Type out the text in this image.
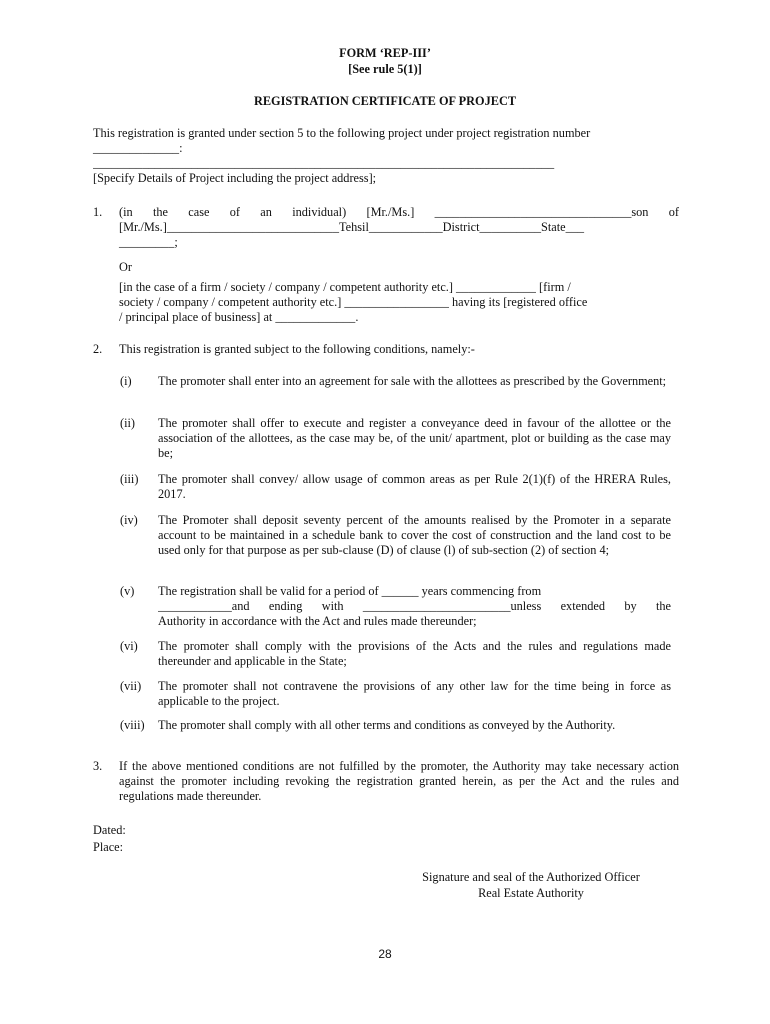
FORM ‘REP-III’
[See rule 5(1)]
REGISTRATION CERTIFICATE OF PROJECT
This registration is granted under section 5 to the following project under project registration number
______________:
___________________________________________________________________________
[Specify Details of Project including the project address];
1.	(in the case of an individual) [Mr./Ms.] ________________________________son of
[Mr./Ms.]____________________________Tehsil____________District__________State___
_________;
Or
[in the case of a firm / society / company / competent authority etc.] _____________ [firm /
society / company / competent authority etc.] _________________ having its [registered office
/ principal place of business] at _____________.
2.	This registration is granted subject to the following conditions, namely:-
(i)	The promoter shall enter into an agreement for sale with the allottees as prescribed by the Government;
(ii)	The promoter shall offer to execute and register a conveyance deed in favour of the allottee or the association of the allottees, as the case may be, of the unit/ apartment, plot or building as the case may be;
(iii)	The promoter shall convey/ allow usage of common areas as per Rule 2(1)(f) of the HRERA Rules, 2017.
(iv)	The Promoter shall deposit seventy percent of the amounts realised by the Promoter in a separate account to be maintained in a schedule bank to cover the cost of construction and the land cost to be used only for that purpose as per sub-clause (D) of clause (l) of sub-section (2) of section 4;
(v)	The registration shall be valid for a period of ______ years commencing from
____________and ending with ________________________unless extended by the
Authority in accordance with the Act and rules made thereunder;
(vi)	The promoter shall comply with the provisions of the Acts and the rules and regulations made thereunder and applicable in the State;
(vii)	The promoter shall not contravene the provisions of any other law for the time being in force as applicable to the project.
(viii)	The promoter shall comply with all other terms and conditions as conveyed by the Authority.
3.	If the above mentioned conditions are not fulfilled by the promoter, the Authority may take necessary action against the promoter including revoking the registration granted herein, as per the Act and the rules and regulations made thereunder.
Dated:
Place:
Signature and seal of the Authorized Officer
Real Estate Authority
28
